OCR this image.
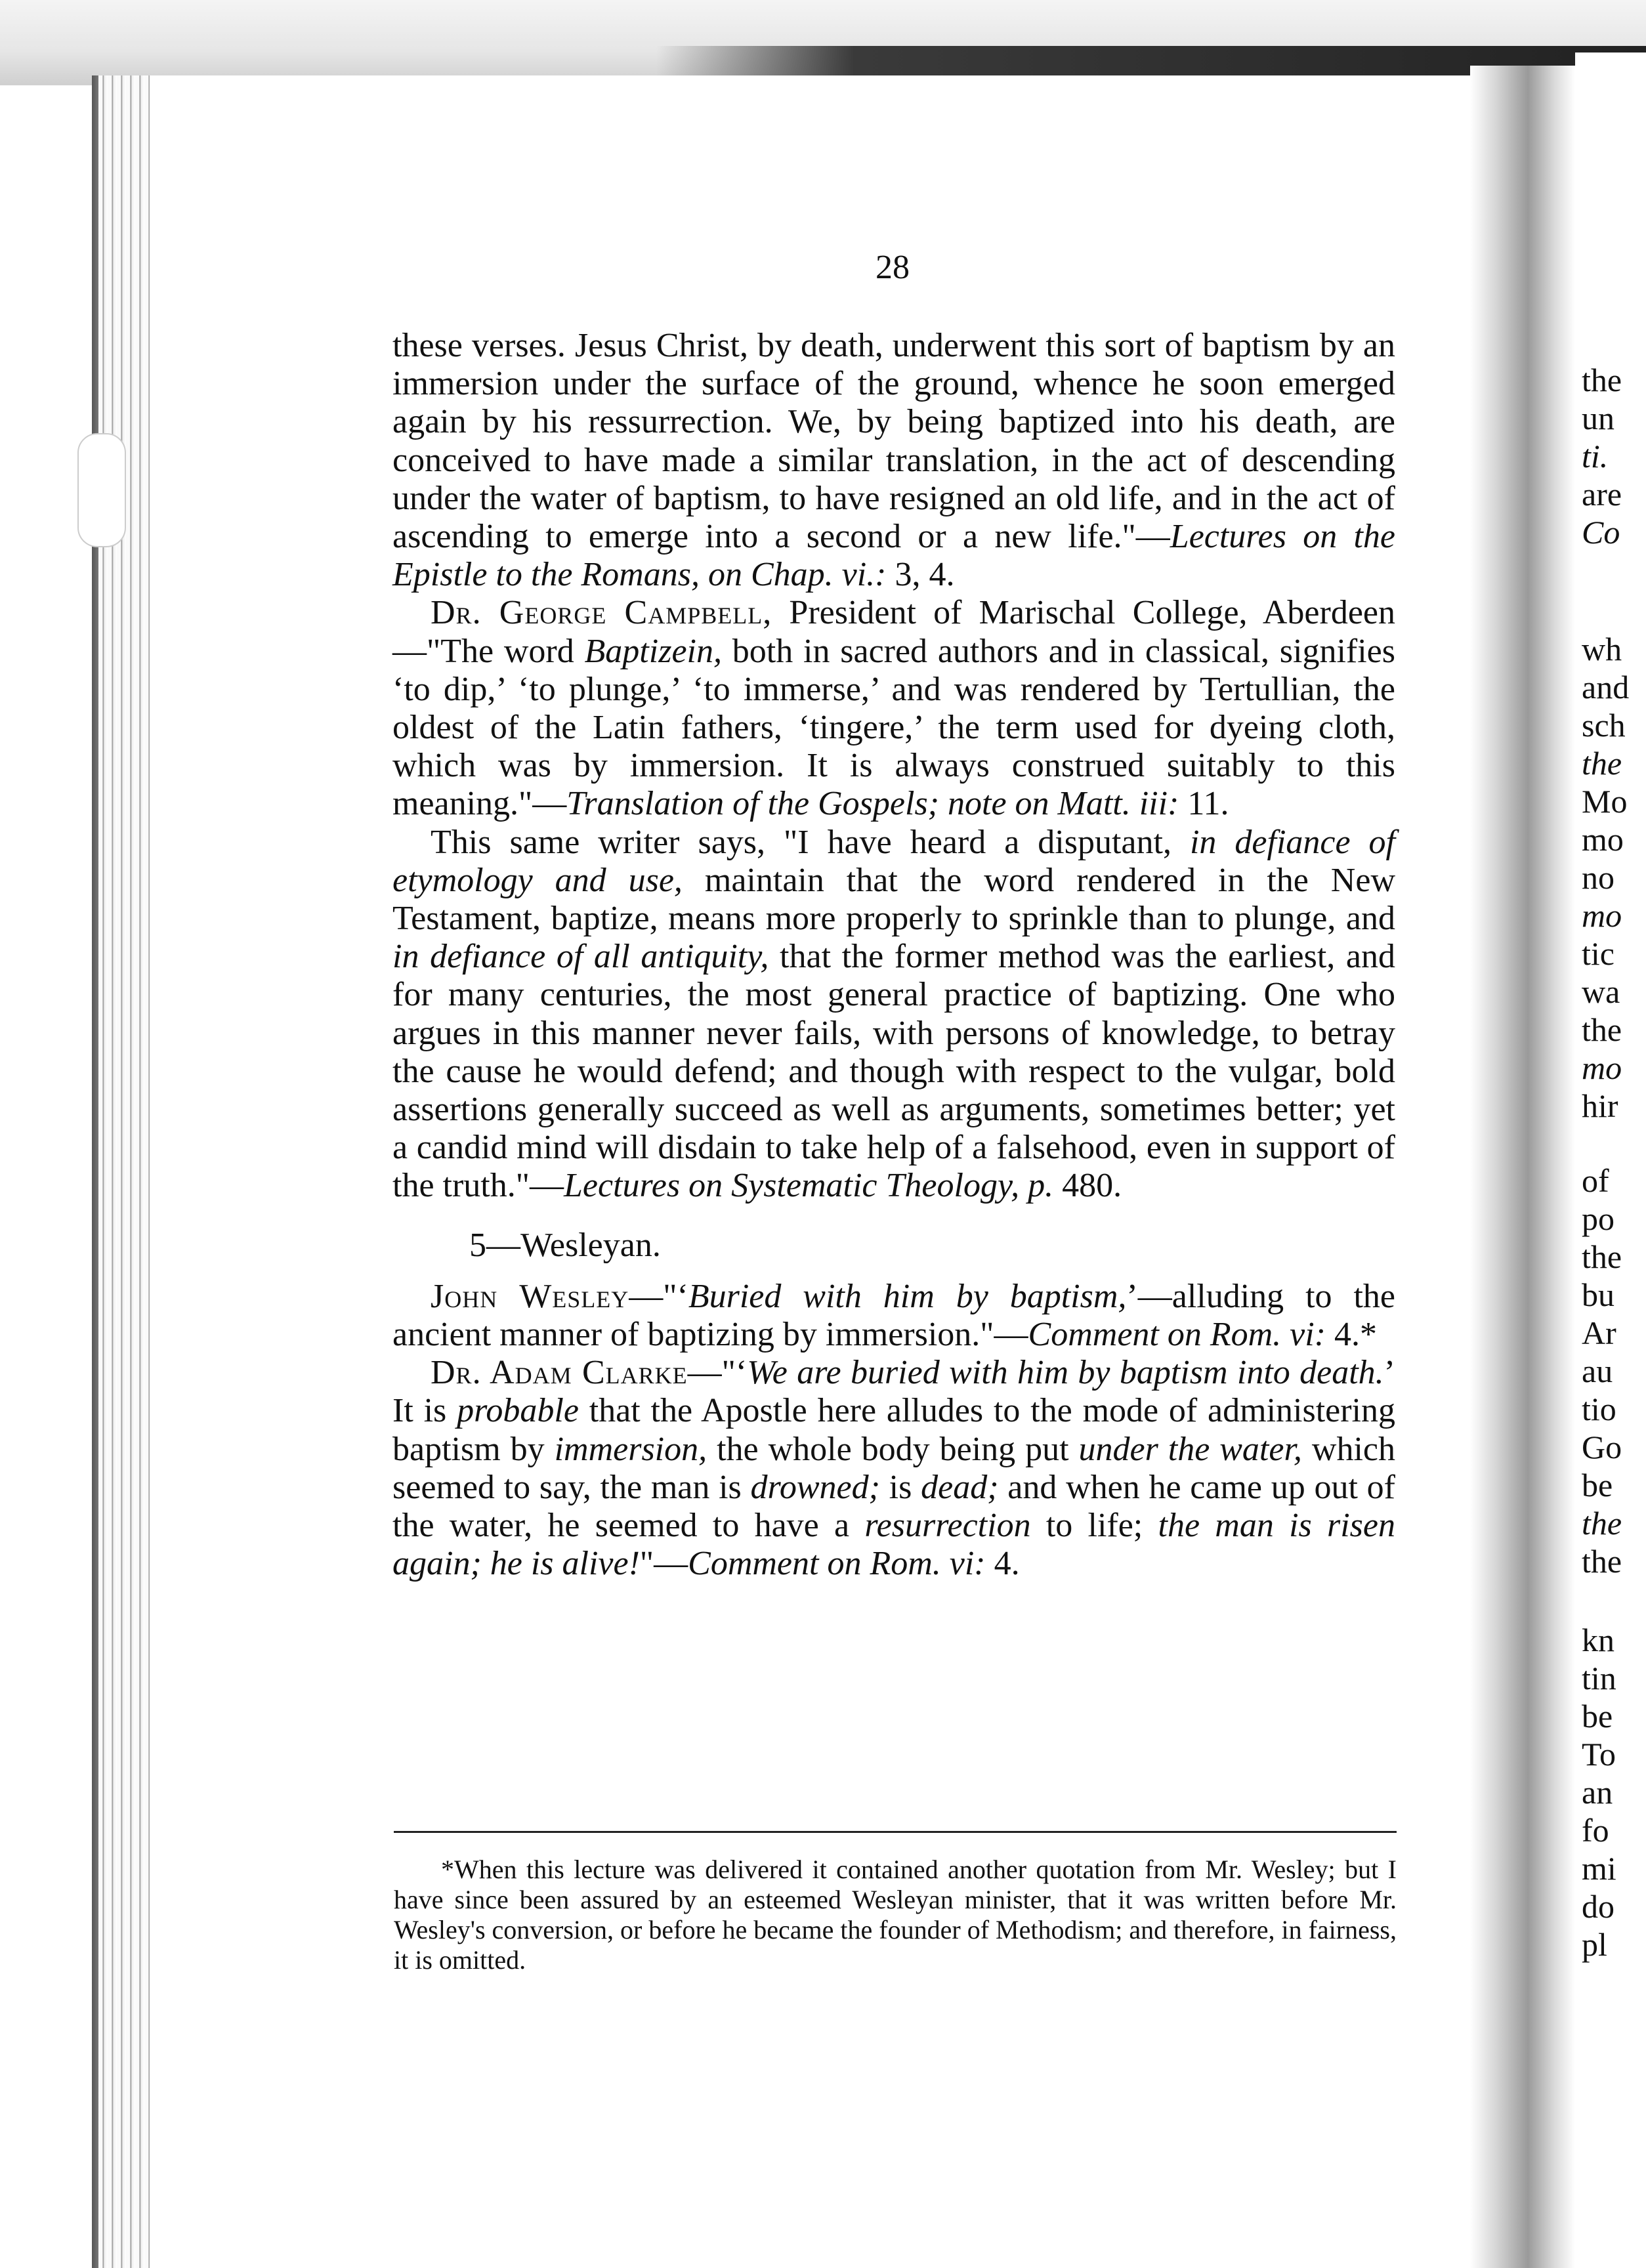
the
un
ti.
are
Co
wh
and
sch
the
Mo
mo
no
mo
tic
wa
the
mo
hir
of
po
the
bu
Ar
au
tio
Go
be
the
the
kn
tin
be
To
an
fo
mi
do
pl
28

these verses. Jesus Christ, by death, underwent this sort of baptism by an immersion under the surface of the ground, whence he soon emerged again by his ressurrection. We, by being baptized into his death, are conceived to have made a similar translation, in the act of descending under the water of baptism, to have resigned an old life, and in the act of ascending to emerge into a second or a new life."—Lectures on the Epistle to the Romans, on Chap. vi.: 3, 4.

Dr. George Campbell, President of Marischal College, Aberdeen—"The word Baptizein, both in sacred authors and in classical, signifies ‘to dip,’ ‘to plunge,’ ‘to immerse,’ and was rendered by Tertullian, the oldest of the Latin fathers, ‘tingere,’ the term used for dyeing cloth, which was by immersion. It is always construed suitably to this meaning."—Translation of the Gospels; note on Matt. iii: 11.

This same writer says, "I have heard a disputant, in defiance of etymology and use, maintain that the word rendered in the New Testament, baptize, means more properly to sprinkle than to plunge, and in defiance of all antiquity, that the former method was the earliest, and for many centuries, the most general practice of baptizing. One who argues in this manner never fails, with persons of knowledge, to betray the cause he would defend; and though with respect to the vulgar, bold assertions generally succeed as well as arguments, sometimes better; yet a candid mind will disdain to take help of a falsehood, even in support of the truth."—Lectures on Systematic Theology, p. 480.

5—Wesleyan.

John Wesley—"‘Buried with him by baptism,’—alluding to the ancient manner of baptizing by immersion."—Comment on Rom. vi: 4.*

Dr. Adam Clarke—"‘We are buried with him by baptism into death.’ It is probable that the Apostle here alludes to the mode of administering baptism by immersion, the whole body being put under the water, which seemed to say, the man is drowned; is dead; and when he came up out of the water, he seemed to have a resurrection to life; the man is risen again; he is alive!"—Comment on Rom. vi: 4.

*When this lecture was delivered it contained another quotation from Mr. Wesley; but I have since been assured by an esteemed Wesleyan minister, that it was written before Mr. Wesley's conversion, or before he became the founder of Methodism; and therefore, in fairness, it is omitted.
